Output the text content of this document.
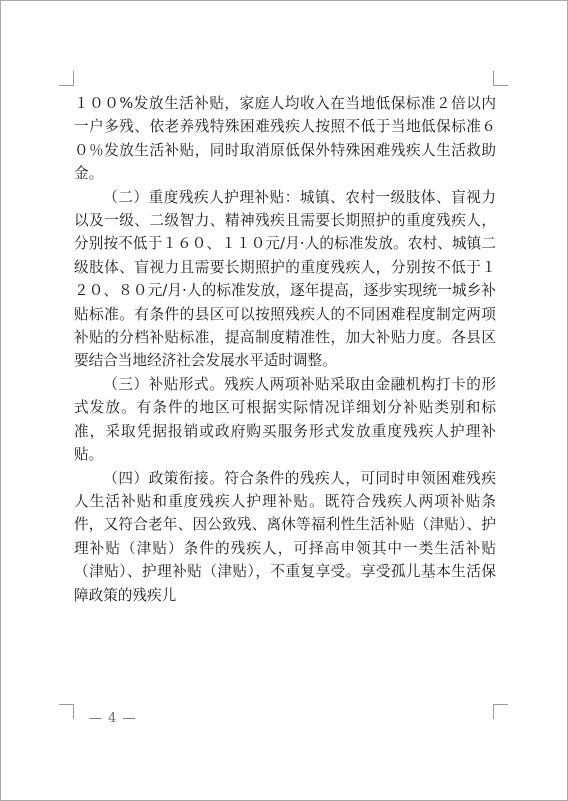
１００%发放生活补贴，家庭人均收入在当地低保标准２倍以内一户多残、依老养残特殊困难残疾人按照不低于当地低保标准６０％发放生活补贴，同时取消原低保外特殊困难残疾人生活救助金。

（二）重度残疾人护理补贴：城镇、农村一级肢体、盲视力以及一级、二级智力、精神残疾且需要长期照护的重度残疾人，分别按不低于１６０、１１０元/月·人的标准发放。农村、城镇二级肢体、盲视力且需要长期照护的重度残疾人，分别按不低于１２０、８０元/月·人的标准发放，逐年提高，逐步实现统一城乡补贴标准。有条件的县区可以按照残疾人的不同困难程度制定两项补贴的分档补贴标准，提高制度精准性，加大补贴力度。各县区要结合当地经济社会发展水平适时调整。

（三）补贴形式。残疾人两项补贴采取由金融机构打卡的形式发放。有条件的地区可根据实际情况详细划分补贴类别和标准，采取凭据报销或政府购买服务形式发放重度残疾人护理补贴。

（四）政策衔接。符合条件的残疾人，可同时申领困难残疾人生活补贴和重度残疾人护理补贴。既符合残疾人两项补贴条件，又符合老年、因公致残、离休等福利性生活补贴（津贴）、护理补贴（津贴）条件的残疾人，可择高申领其中一类生活补贴（津贴）、护理补贴（津贴），不重复享受。享受孤儿基本生活保障政策的残疾儿

— 4 —
